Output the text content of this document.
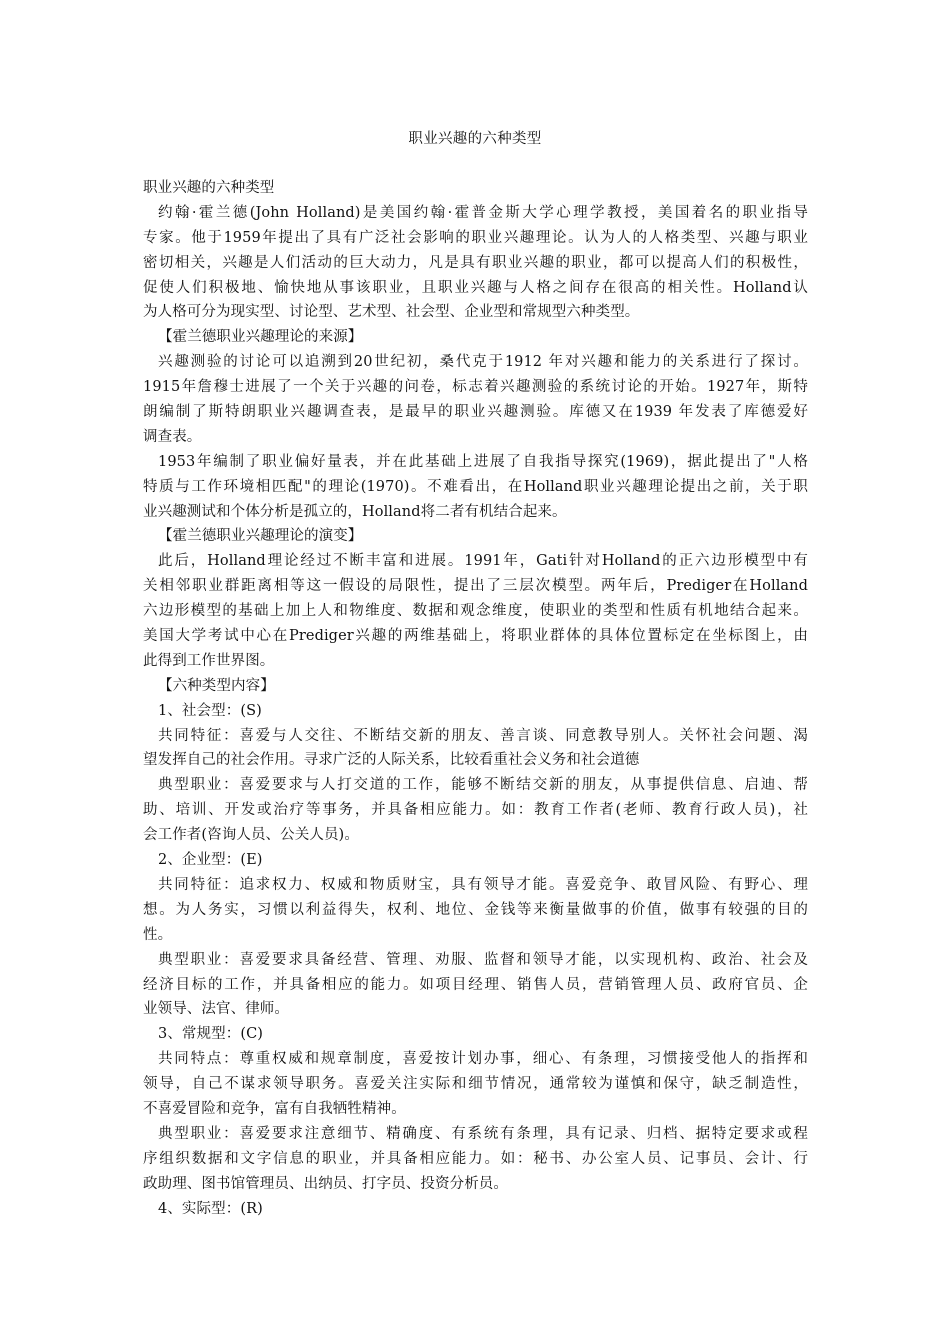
职业兴趣的六种类型
职业兴趣的六种类型
约翰·霍兰德(John Holland)是美国约翰·霍普金斯大学心理学教授，美国着名的职业指导
专家。他于1959年提出了具有广泛社会影响的职业兴趣理论。认为人的人格类型、兴趣与职业
密切相关，兴趣是人们活动的巨大动力，凡是具有职业兴趣的职业，都可以提高人们的积极性，
促使人们积极地、愉快地从事该职业，且职业兴趣与人格之间存在很高的相关性。Holland认
为人格可分为现实型、讨论型、艺术型、社会型、企业型和常规型六种类型。
【霍兰德职业兴趣理论的来源】
兴趣测验的讨论可以追溯到20世纪初，桑代克于1912 年对兴趣和能力的关系进行了探讨。
1915年詹穆士进展了一个关于兴趣的问卷，标志着兴趣测验的系统讨论的开始。1927年，斯特
朗编制了斯特朗职业兴趣调查表，是最早的职业兴趣测验。库德又在1939 年发表了库德爱好
调查表。
1953年编制了职业偏好量表，并在此基础上进展了自我指导探究(1969)，据此提出了"人格
特质与工作环境相匹配"的理论(1970)。不难看出，在Holland职业兴趣理论提出之前，关于职
业兴趣测试和个体分析是孤立的，Holland将二者有机结合起来。
【霍兰德职业兴趣理论的演变】
此后，Holland理论经过不断丰富和进展。1991年，Gati针对Holland的正六边形模型中有
关相邻职业群距离相等这一假设的局限性，提出了三层次模型。两年后，Prediger在Holland
六边形模型的基础上加上人和物维度、数据和观念维度，使职业的类型和性质有机地结合起来。
美国大学考试中心在Prediger兴趣的两维基础上，将职业群体的具体位置标定在坐标图上，由
此得到工作世界图。
【六种类型内容】
1、社会型：(S)
共同特征：喜爱与人交往、不断结交新的朋友、善言谈、同意教导别人。关怀社会问题、渴
望发挥自己的社会作用。寻求广泛的人际关系，比较看重社会义务和社会道德
典型职业：喜爱要求与人打交道的工作，能够不断结交新的朋友，从事提供信息、启迪、帮
助、培训、开发或治疗等事务，并具备相应能力。如：教育工作者(老师、教育行政人员)，社
会工作者(咨询人员、公关人员)。
2、企业型：(E)
共同特征：追求权力、权威和物质财宝，具有领导才能。喜爱竞争、敢冒风险、有野心、理
想。为人务实，习惯以利益得失，权利、地位、金钱等来衡量做事的价值，做事有较强的目的
性。
典型职业：喜爱要求具备经营、管理、劝服、监督和领导才能，以实现机构、政治、社会及
经济目标的工作，并具备相应的能力。如项目经理、销售人员，营销管理人员、政府官员、企
业领导、法官、律师。
3、常规型：(C)
共同特点：尊重权威和规章制度，喜爱按计划办事，细心、有条理，习惯接受他人的指挥和
领导，自己不谋求领导职务。喜爱关注实际和细节情况，通常较为谨慎和保守，缺乏制造性，
不喜爱冒险和竞争，富有自我牺牲精神。
典型职业：喜爱要求注意细节、精确度、有系统有条理，具有记录、归档、据特定要求或程
序组织数据和文字信息的职业，并具备相应能力。如：秘书、办公室人员、记事员、会计、行
政助理、图书馆管理员、出纳员、打字员、投资分析员。
4、实际型：(R)
